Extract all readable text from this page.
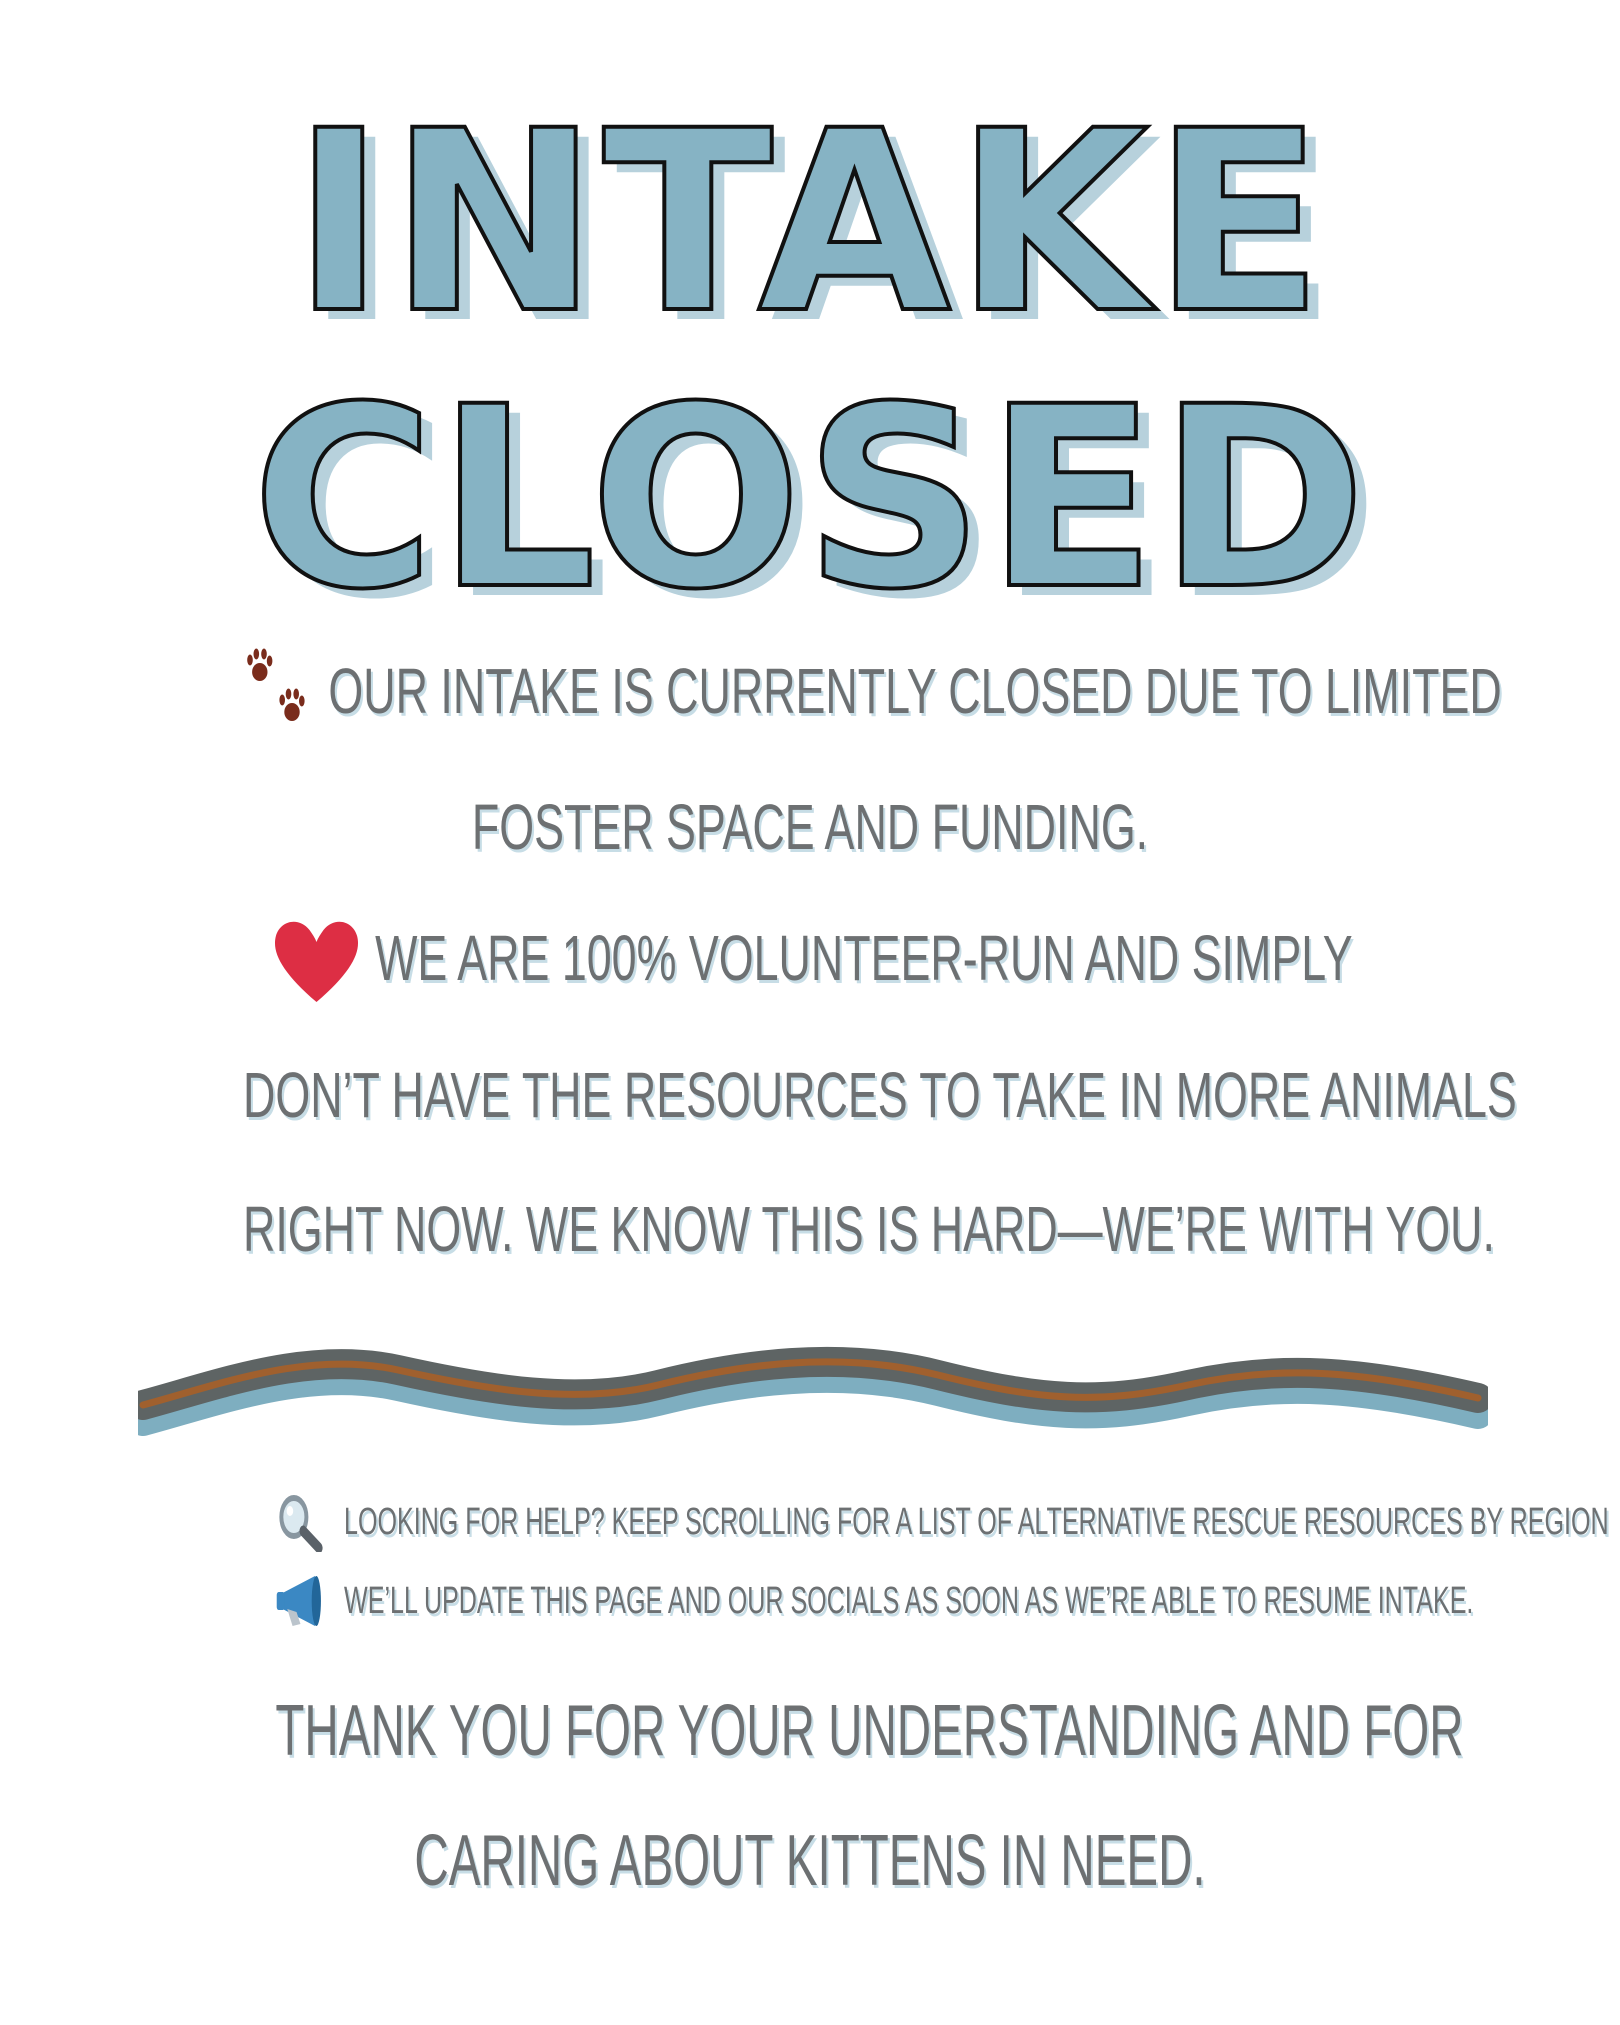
INTAKE
CLOSED
OUR INTAKE IS CURRENTLY CLOSED DUE TO LIMITED
FOSTER SPACE AND FUNDING.
WE ARE 100% VOLUNTEER-RUN AND SIMPLY
DON’T HAVE THE RESOURCES TO TAKE IN MORE ANIMALS
RIGHT NOW. WE KNOW THIS IS HARD—WE’RE WITH YOU.
LOOKING FOR HELP? KEEP SCROLLING FOR A LIST OF ALTERNATIVE RESCUE RESOURCES BY REGION
WE’LL UPDATE THIS PAGE AND OUR SOCIALS AS SOON AS WE’RE ABLE TO RESUME INTAKE.
THANK YOU FOR YOUR UNDERSTANDING AND FOR
CARING ABOUT KITTENS IN NEED.
